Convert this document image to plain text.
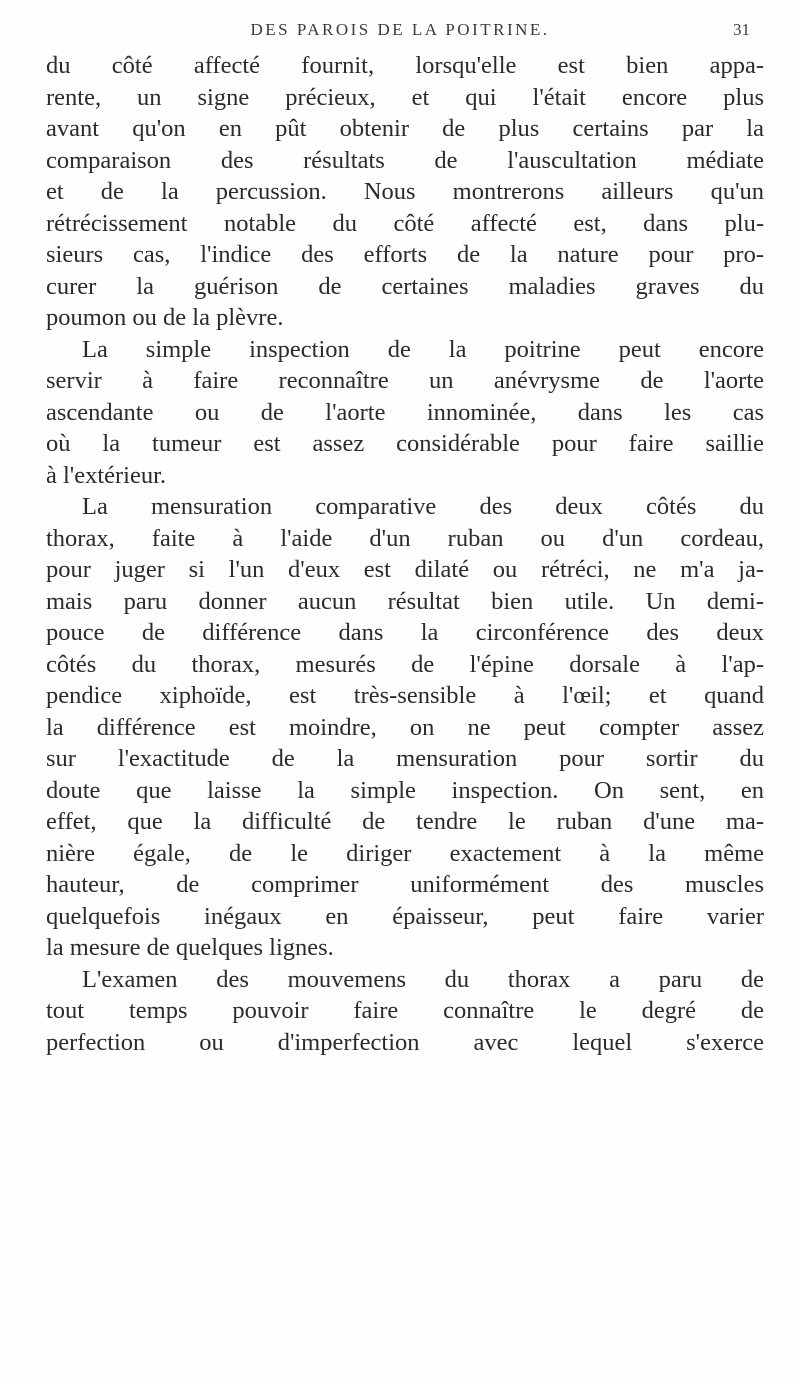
DES PAROIS DE LA POITRINE.	31
du côté affecté fournit, lorsqu'elle est bien appa-
rente, un signe précieux, et qui l'était encore plus
avant qu'on en pût obtenir de plus certains par la
comparaison des résultats de l'auscultation médiate
et de la percussion. Nous montrerons ailleurs qu'un
rétrécissement notable du côté affecté est, dans plu-
sieurs cas, l'indice des efforts de la nature pour pro-
curer la guérison de certaines maladies graves du
poumon ou de la plèvre.
La simple inspection de la poitrine peut encore
servir à faire reconnaître un anévrysme de l'aorte
ascendante ou de l'aorte innominée, dans les cas
où la tumeur est assez considérable pour faire saillie
à l'extérieur.
La mensuration comparative des deux côtés du
thorax, faite à l'aide d'un ruban ou d'un cordeau,
pour juger si l'un d'eux est dilaté ou rétréci, ne m'a ja-
mais paru donner aucun résultat bien utile. Un demi-
pouce de différence dans la circonférence des deux
côtés du thorax, mesurés de l'épine dorsale à l'ap-
pendice xiphoïde, est très-sensible à l'œil; et quand
la différence est moindre, on ne peut compter assez
sur l'exactitude de la mensuration pour sortir du
doute que laisse la simple inspection. On sent, en
effet, que la difficulté de tendre le ruban d'une ma-
nière égale, de le diriger exactement à la même
hauteur, de comprimer uniformément des muscles
quelquefois inégaux en épaisseur, peut faire varier
la mesure de quelques lignes.
L'examen des mouvemens du thorax a paru de
tout temps pouvoir faire connaître le degré de
perfection ou d'imperfection avec lequel s'exerce
